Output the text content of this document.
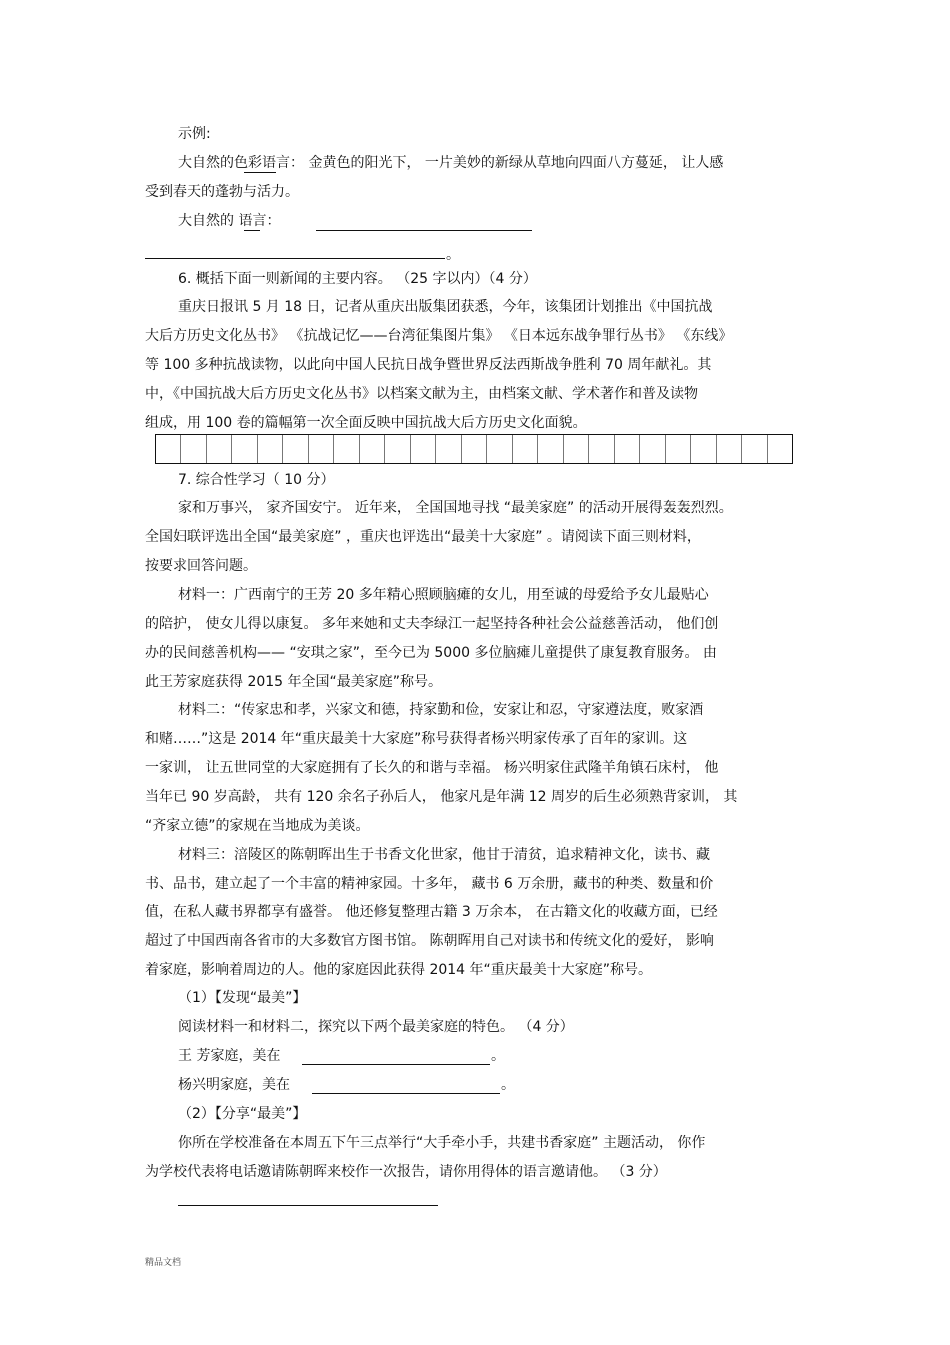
示例:
大自然的色彩语言： 金黄色的阳光下， 一片美妙的新绿从草地向四面八方蔓延， 让人感
受到春天的蓬勃与活力。
大自然的 语言：
。
6. 概括下面一则新闻的主要内容。 （25 字以内）（4 分）
重庆日报讯 5 月 18 日，记者从重庆出版集团获悉，今年，该集团计划推出《中国抗战
大后方历史文化丛书》 《抗战记忆——台湾征集图片集》 《日本远东战争罪行丛书》 《东线》
等 100 多种抗战读物，以此向中国人民抗日战争暨世界反法西斯战争胜利 70 周年献礼。其
中，《中国抗战大后方历史文化丛书》以档案文献为主，由档案文献、学术著作和普及读物
组成，用 100 卷的篇幅第一次全面反映中国抗战大后方历史文化面貌。
7. 综合性学习（ 10 分）
家和万事兴， 家齐国安宁。 近年来， 全国国地寻找 “最美家庭” 的活动开展得轰轰烈烈。
全国妇联评选出全国“最美家庭” ，重庆也评选出“最美十大家庭” 。请阅读下面三则材料，
按要求回答问题。
材料一：广西南宁的王芳 20 多年精心照顾脑瘫的女儿，用至诚的母爱给予女儿最贴心
的陪护， 使女儿得以康复。 多年来她和丈夫李绿江一起坚持各种社会公益慈善活动， 他们创
办的民间慈善机构—— “安琪之家”，至今已为 5000 多位脑瘫儿童提供了康复教育服务。 由
此王芳家庭获得 2015 年全国“最美家庭”称号。
材料二：“传家忠和孝，兴家文和德，持家勤和俭，安家让和忍，守家遵法度，败家酒
和赌……”这是 2014 年“重庆最美十大家庭”称号获得者杨兴明家传承了百年的家训。这
一家训， 让五世同堂的大家庭拥有了长久的和谐与幸福。 杨兴明家住武隆羊角镇石床村， 他
当年已 90 岁高龄， 共有 120 余名子孙后人， 他家凡是年满 12 周岁的后生必须熟背家训， 其
“齐家立德”的家规在当地成为美谈。
材料三：涪陵区的陈朝晖出生于书香文化世家，他甘于清贫，追求精神文化，读书、藏
书、品书，建立起了一个丰富的精神家园。十多年， 藏书 6 万余册，藏书的种类、数量和价
值，在私人藏书界都享有盛誉。 他还修复整理古籍 3 万余本， 在古籍文化的收藏方面，已经
超过了中国西南各省市的大多数官方图书馆。 陈朝晖用自己对读书和传统文化的爱好， 影响
着家庭，影响着周边的人。他的家庭因此获得 2014 年“重庆最美十大家庭”称号。
（1）【发现“最美”】
阅读材料一和材料二，探究以下两个最美家庭的特色。 （4 分）
王 芳家庭，美在	。
杨兴明家庭，美在	。
（2）【分享“最美”】
你所在学校准备在本周五下午三点举行“大手牵小手，共建书香家庭” 主题活动， 你作
为学校代表将电话邀请陈朝晖来校作一次报告，请你用得体的语言邀请他。 （3 分）
精品文档
